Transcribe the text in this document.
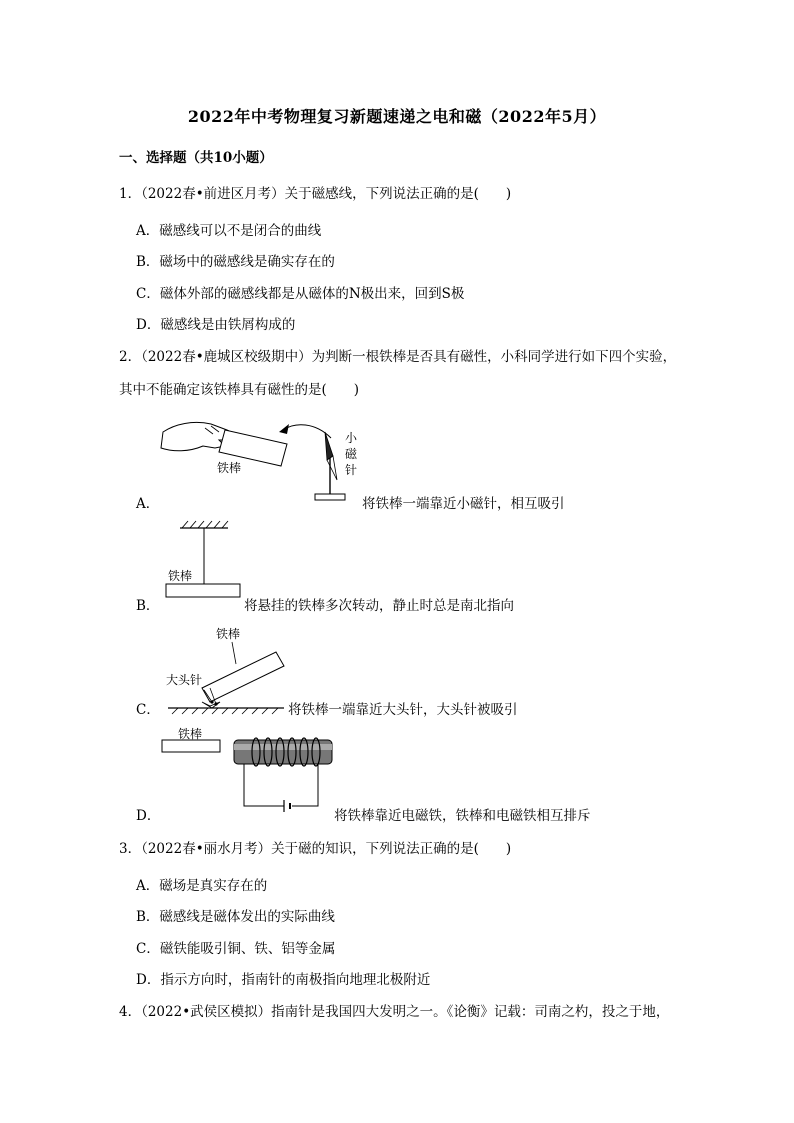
2022年中考物理复习新题速递之电和磁（2022年5月）
一、选择题（共10小题）
1．（2022春•前进区月考）关于磁感线，下列说法正确的是(　　)
A．磁感线可以不是闭合的曲线
B．磁场中的磁感线是确实存在的
C．磁体外部的磁感线都是从磁体的N极出来，回到S极
D．磁感线是由铁屑构成的
2．（2022春•鹿城区校级期中）为判断一根铁棒是否具有磁性，小科同学进行如下四个实验，
其中不能确定该铁棒具有磁性的是(　　)
A．
铁棒
小
磁
针
将铁棒一端靠近小磁针，相互吸引
B．
铁棒
将悬挂的铁棒多次转动，静止时总是南北指向
C．
铁棒
大头针
将铁棒一端靠近大头针，大头针被吸引
D．
铁棒
将铁棒靠近电磁铁，铁棒和电磁铁相互排斥
3．（2022春•丽水月考）关于磁的知识，下列说法正确的是(　　)
A．磁场是真实存在的
B．磁感线是磁体发出的实际曲线
C．磁铁能吸引铜、铁、铝等金属
D．指示方向时，指南针的南极指向地理北极附近
4．（2022•武侯区模拟）指南针是我国四大发明之一。《论衡》记载：司南之杓，投之于地，
